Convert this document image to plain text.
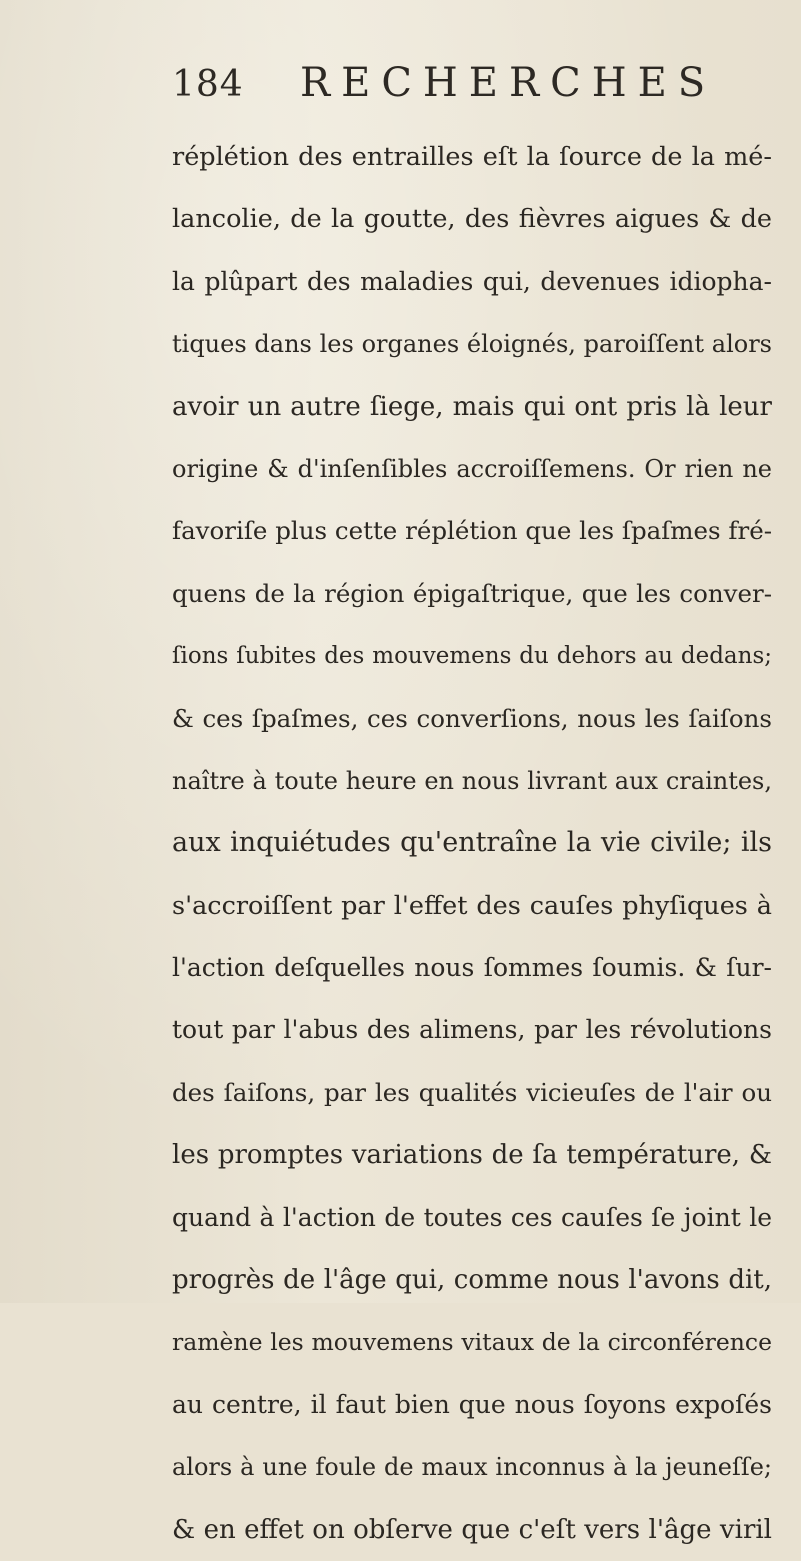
184 RECHERCHES
réplétion des entrailles eſt la ſource de la mé-
lancolie, de la goutte, des fièvres aigues & de
la plûpart des maladies qui, devenues idiopha-
tiques dans les organes éloignés, paroiſſent alors
avoir un autre ſiege, mais qui ont pris là leur
origine & d'inſenſibles accroiſſemens. Or rien ne
favoriſe plus cette réplétion que les ſpaſmes fré-
quens de la région épigaſtrique, que les conver-
ſions ſubites des mouvemens du dehors au dedans;
& ces ſpaſmes, ces converſions, nous les ſaiſons
naître à toute heure en nous livrant aux craintes,
aux inquiétudes qu'entraîne la vie civile; ils
s'accroiſſent par l'effet des cauſes phyſiques à
l'action deſquelles nous ſommes ſoumis. & ſur-
tout par l'abus des alimens, par les révolutions
des ſaiſons, par les qualités vicieuſes de l'air ou
les promptes variations de ſa température, &
quand à l'action de toutes ces cauſes ſe joint le
progrès de l'âge qui, comme nous l'avons dit,
ramène les mouvemens vitaux de la circonférence
au centre, il faut bien que nous ſoyons expoſés
alors à une foule de maux inconnus à la jeuneſſe;
& en effet on obſerve que c'eſt vers l'âge viril
